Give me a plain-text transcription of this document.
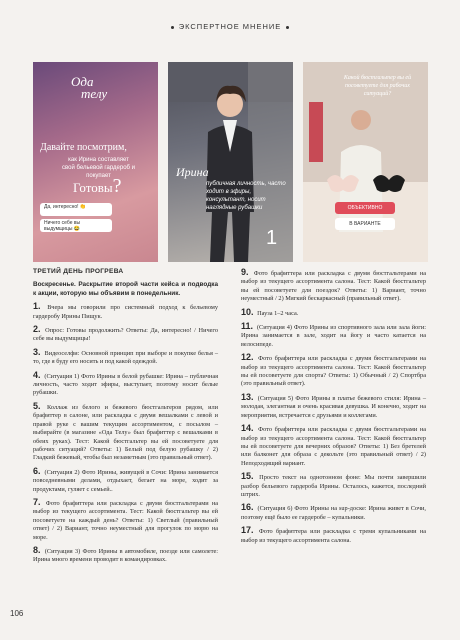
ЭКСПЕРТНОЕ МНЕНИЕ
Ода
телу
Давайте посмотрим,
как Ирина составляет свой бельевой гардероб и покупает
Готовы?
Да, интересно! 👏
Ничего себе вы выдумщицы 😂
Ирина
публичная личность, часто ходит в эфиры, консультант, носит наглядные рубашки
1
Какой бюстгальтер вы ей посоветуете для рабочих ситуаций?
ОБЪЕКТИВНО
В ВАРИАНТЕ
ТРЕТИЙ ДЕНЬ ПРОГРЕВА

Воскресенье. Раскрытие второй части кейса и подводка к акции, которую мы объявим в понедельник.

1. Вчера мы говорили про системный подход к бельевому гардеробу Ирины Пищук.

2. Опрос: Готовы продолжить? Ответы: Да, интересно! / Ничего себе вы выдумщицы!

3. Видеоселфи: Основной принцип при выборе и покупке белья – то, где я буду его носить и под какой одеждой.

4. (Ситуация 1) Фото Ирины в белой рубашке: Ирина – публичная личность, часто ходит эфиры, выступает, поэтому носит белые рубашки.

5. Коллаж из белого и бежевого бюстгальтеров рядом, или брафиттер в салоне, или раскладка с двумя вешалками с левой и правой руке с вашим текущим ассортиментом, с посылом – выбирайте (в магазине «Ода Телу» был брафиттер с вешалками в обеих руках). Тест: Какой бюстгальтер вы ей посоветуете для рабочих ситуаций? Ответы: 1) Белый под белую рубашку / 2) Гладкий бежевый, чтобы был незаметным (это правильный ответ).

6. (Ситуация 2) Фото Ирины, живущей в Сочи: Ирина занимается повседневными делами, отдыхает, бегает на море, ходит за продуктами, гуляет с семьей..

7. Фото брафиттера или раскладка с двумя бюстгальтерами на выбор из текущего ассортимента. Тест: Какой бюстгальтер вы ей посоветуете на каждый день? Ответы: 1) Светлый (правильный ответ) / 2) Вариант, точно неуместный для прогулок по морю на море.

8. (Ситуация 3) Фото Ирины в автомобиле, поезде или самолете: Ирина много времени проводит в командировках.

9. Фото брафиттера или раскладка с двумя бюстгальтерами на выбор из текущего ассортимента салона. Тест: Какой бюстгальтер вы ей посоветуете для поездок? Ответы: 1) Вариант, точно неуместный / 2) Мягкий бескаркасный (правильный ответ).

10. Пауза 1–2 часа.

11. (Ситуация 4) Фото Ирины из спортивного зала или зала йоги: Ирина занимается в зале, ходит на йогу и часто катается на велосипеде.

12. Фото брафиттера или раскладка с двумя бюстгальтерами на выбор из текущего ассортимента салона. Тест: Какой бюстгальтер вы ей посоветуете для спорта? Ответы: 1) Обычный / 2) Спортбра (это правильный ответ).

13. (Ситуация 5) Фото Ирины в платье бежевого стиля: Ирина – молодая, элегантная и очень красивая девушка. И конечно, ходит на мероприятия, встречается с друзьями и коллегами.

14. Фото брафиттера или раскладка с двумя бюстгальтерами на выбор из текущего ассортимента салона. Тест: Какой бюстгальтер вы ей посоветуете для вечерних образов? Ответы: 1) Без бретелей или балконет для образа с декольте (это правильный ответ) / 2) Неподходящий вариант.

15. Просто текст на однотонном фоне: Мы почти завершили разбор бельевого гардероба Ирины. Осталось, кажется, последний штрих.

16. (Ситуация 6) Фото Ирины на sup-доске: Ирина живет в Сочи, поэтому ещё было ее гардеробе – купальники.

17. Фото брафиттера или раскладка с тремя купальниками на выбор из текущего ассортимента салона.

106
